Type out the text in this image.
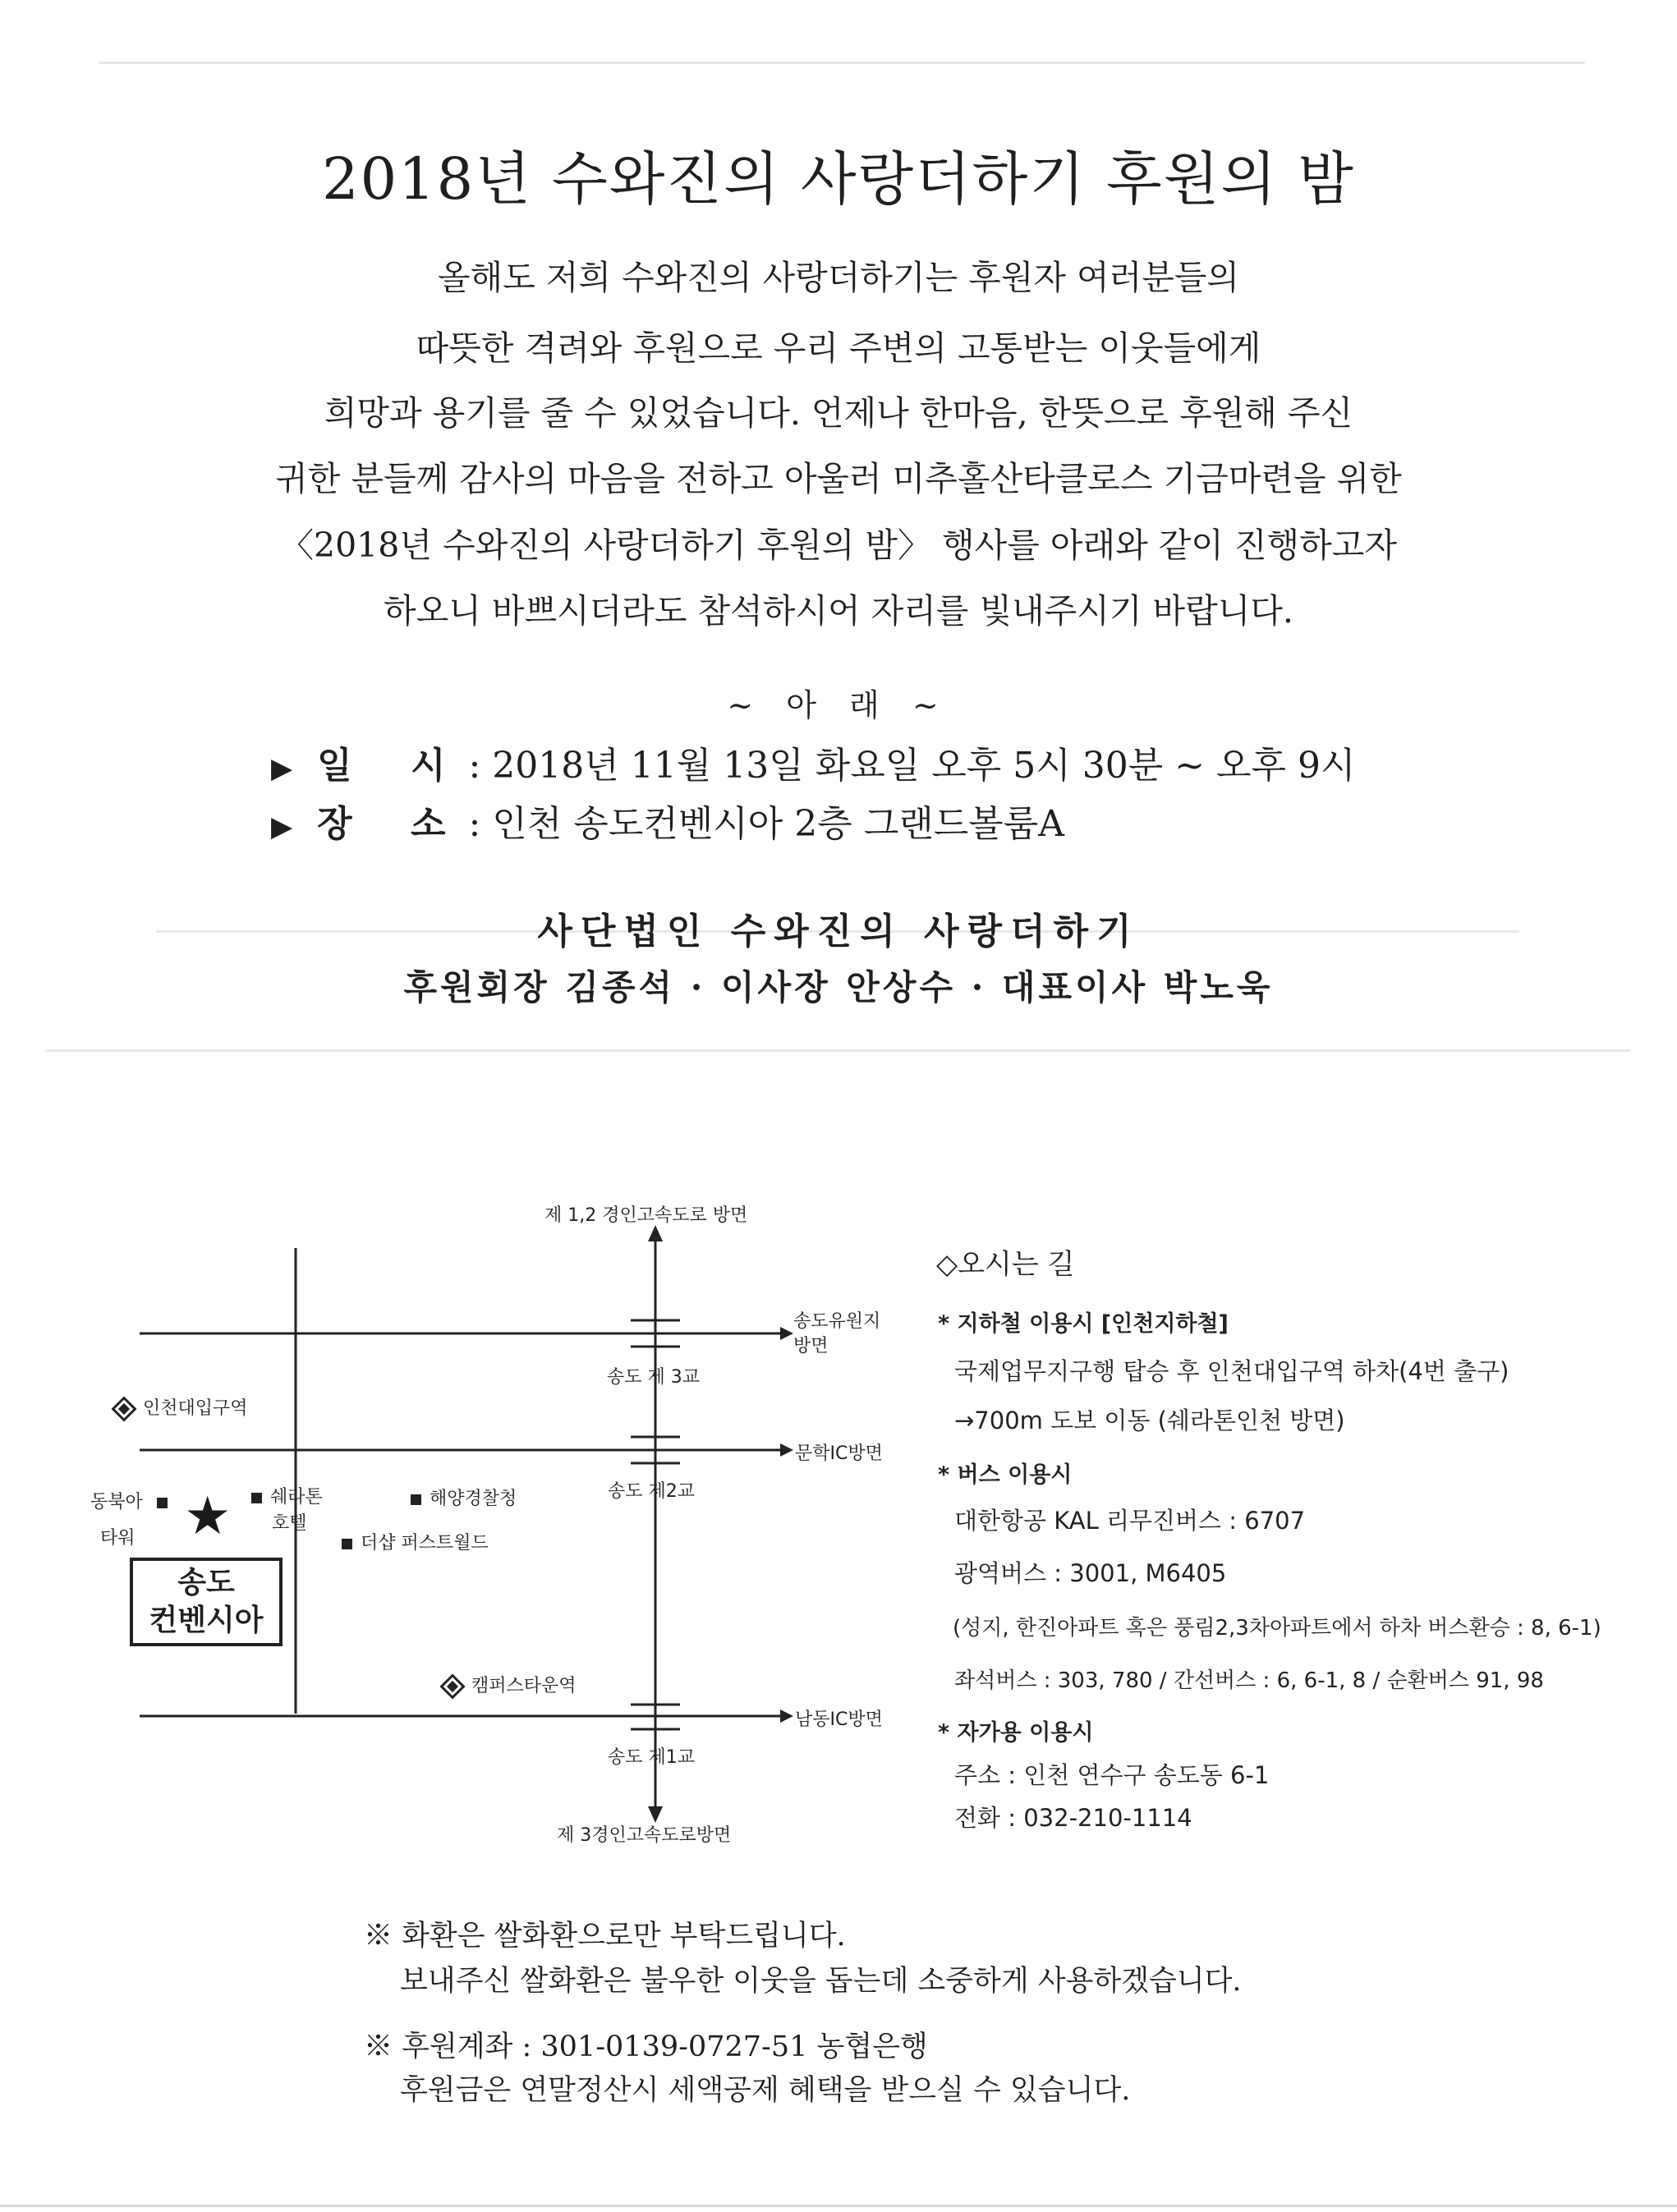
2018년 수와진의 사랑더하기 후원의 밤
올해도 저희 수와진의 사랑더하기는 후원자 여러분들의
따뜻한 격려와 후원으로 우리 주변의 고통받는 이웃들에게
희망과 용기를 줄 수 있었습니다. 언제나 한마음, 한뜻으로 후원해 주신
귀한 분들께 감사의 마음을 전하고 아울러 미추홀산타클로스 기금마련을 위한
〈2018년 수와진의 사랑더하기 후원의 밤〉 행사를 아래와 같이 진행하고자
하오니 바쁘시더라도 참석하시어 자리를 빛내주시기 바랍니다.
~ 아 래 ~
▶ 일 시: 2018년 11월 13일 화요일 오후 5시 30분 ~ 오후 9시
▶ 장 소: 인천 송도컨벤시아 2층 그랜드볼룸A
사단법인 수와진의 사랑더하기
후원회장 김종석 · 이사장 안상수 · 대표이사 박노욱
제 1,2 경인고속도로 방면
제 3경인고속도로방면
송도 제 3교
송도 제2교
송도 제1교
송도유원지
방면
문학IC방면
남동IC방면
인천대입구역
캠퍼스타운역
동북아
타워
쉐라톤
호텔
해양경찰청
더샵 퍼스트월드
★
송도
컨벤시아
◇오시는 길
* 지하철 이용시 [인천지하철]
국제업무지구행 탑승 후 인천대입구역 하차(4번 출구)
→700m 도보 이동 (쉐라톤인천 방면)
* 버스 이용시
대한항공 KAL 리무진버스 : 6707
광역버스 : 3001, M6405
(성지, 한진아파트 혹은 풍림2,3차아파트에서 하차 버스환승 : 8, 6-1)
좌석버스 : 303, 780 / 간선버스 : 6, 6-1, 8 / 순환버스 91, 98
* 자가용 이용시
주소 : 인천 연수구 송도동 6-1
전화 : 032-210-1114
※ 화환은 쌀화환으로만 부탁드립니다.
보내주신 쌀화환은 불우한 이웃을 돕는데 소중하게 사용하겠습니다.
※ 후원계좌 : 301-0139-0727-51 농협은행
후원금은 연말정산시 세액공제 혜택을 받으실 수 있습니다.
